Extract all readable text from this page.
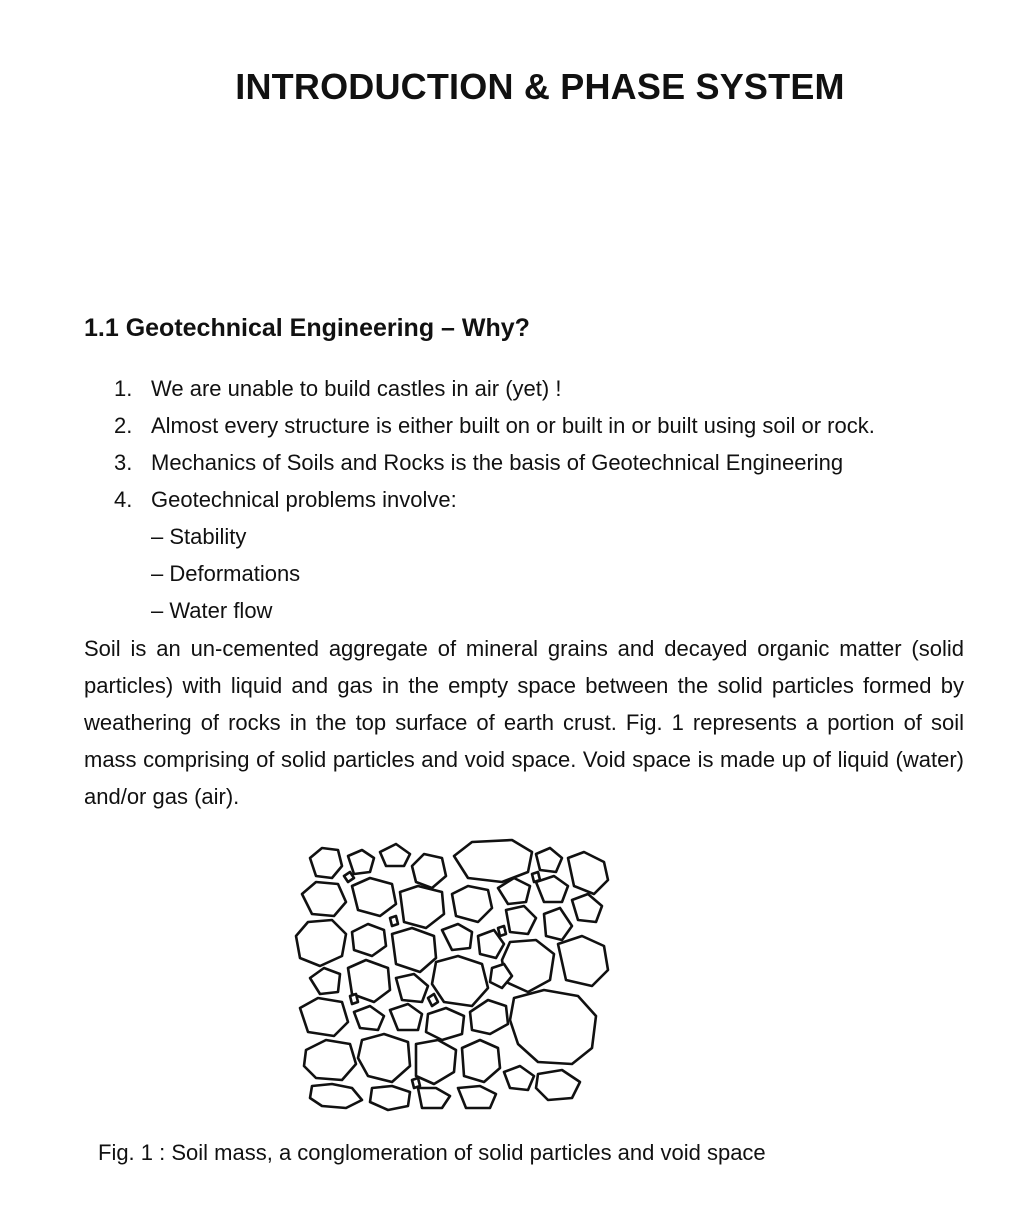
INTRODUCTION & PHASE SYSTEM
1.1 Geotechnical Engineering – Why?
1. We are unable to build castles in air (yet) !
2. Almost every structure is either built on or built in or built using soil or rock.
3. Mechanics of Soils and Rocks is the basis of Geotechnical Engineering
4. Geotechnical problems involve:
– Stability
– Deformations
– Water flow

Soil is an un-cemented aggregate of mineral grains and decayed organic matter (solid particles) with liquid and gas in the empty space between the solid particles formed by weathering of rocks in the top surface of earth crust. Fig. 1 represents a portion of soil mass comprising of solid particles and void space. Void space is made up of liquid (water) and/or gas (air).

Fig. 1 : Soil mass, a conglomeration of solid particles and void space
